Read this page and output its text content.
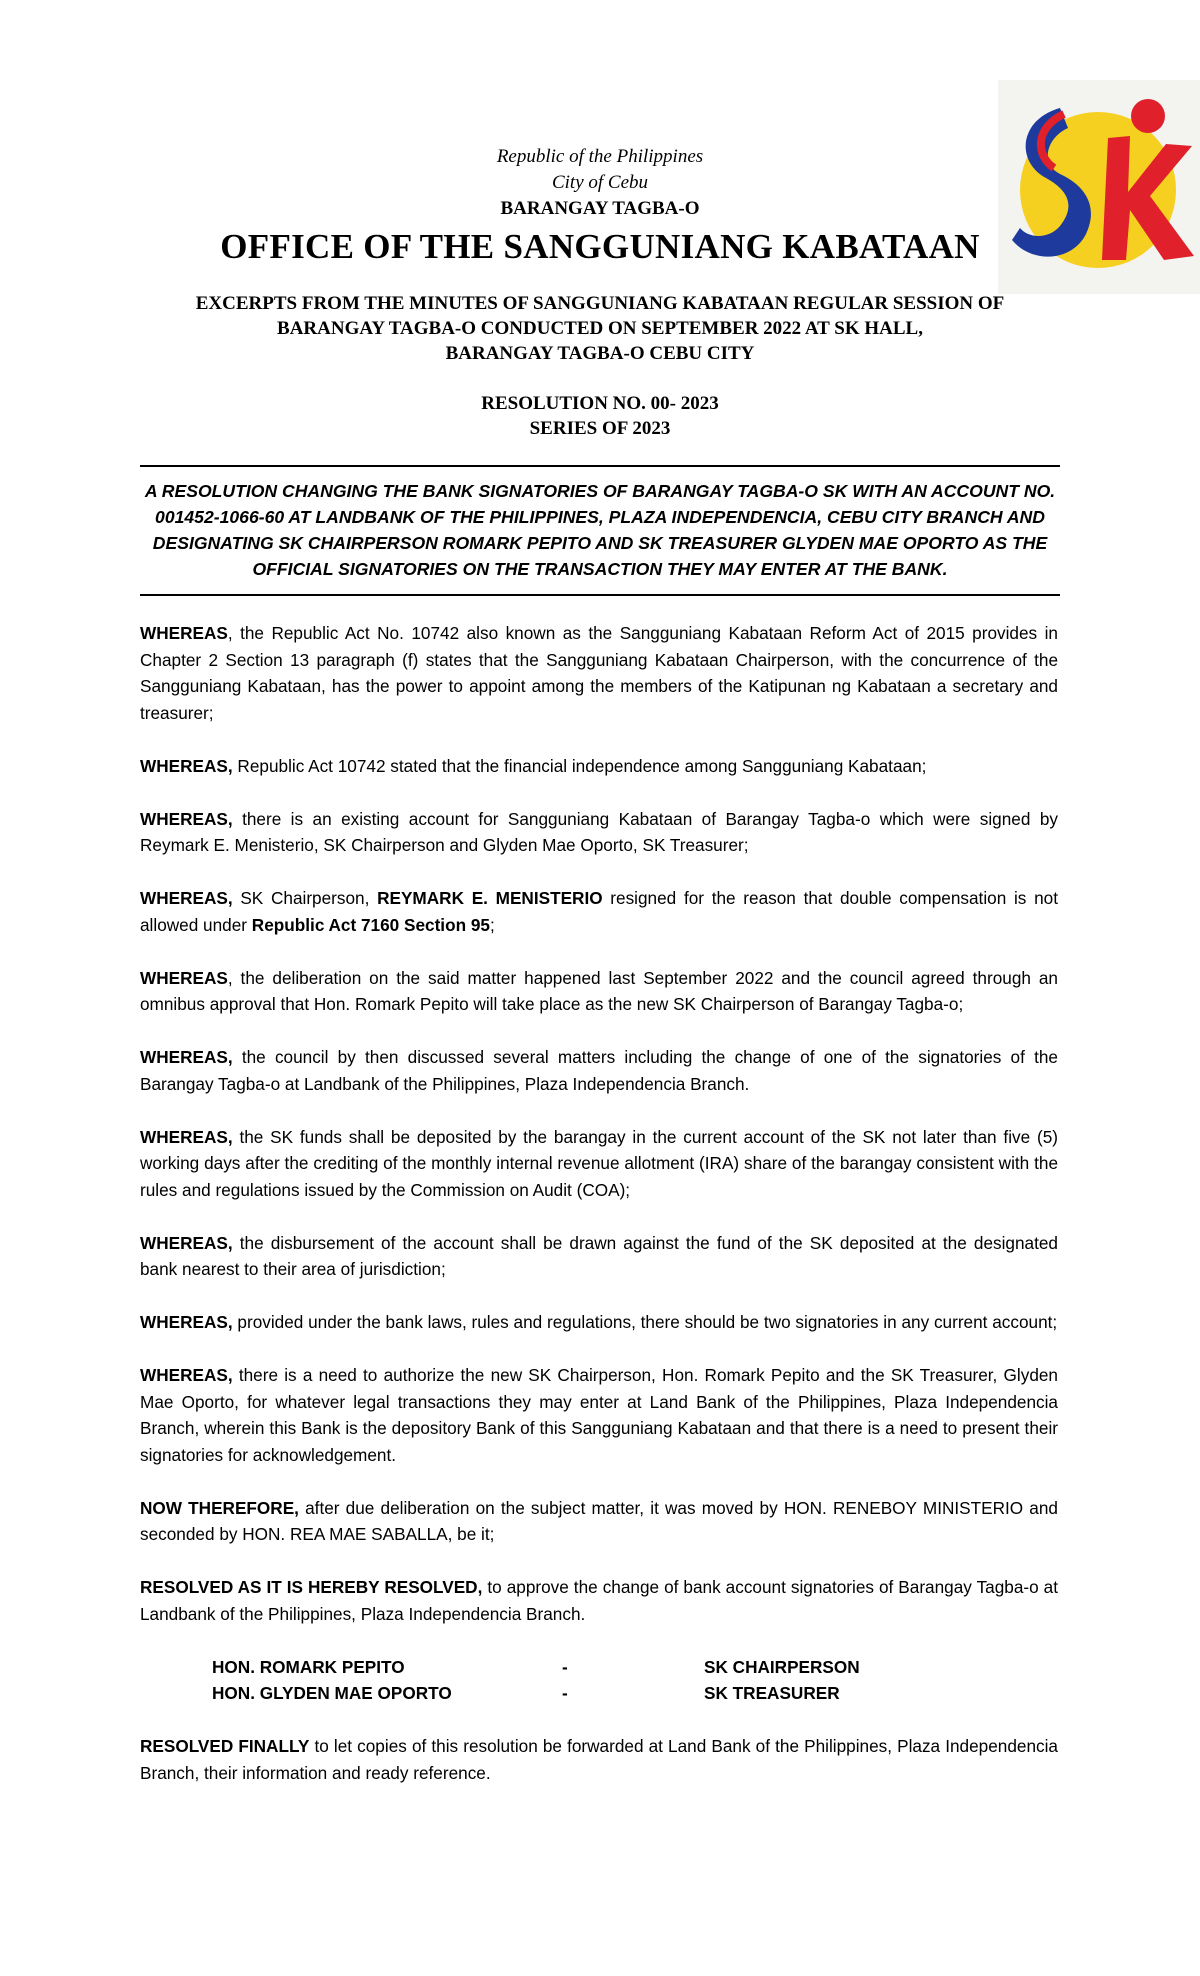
Republic of the Philippines
City of Cebu
BARANGAY TAGBA-O
OFFICE OF THE SANGGUNIANG KABATAAN
EXCERPTS FROM THE MINUTES OF SANGGUNIANG KABATAAN REGULAR SESSION OF
BARANGAY TAGBA-O CONDUCTED ON SEPTEMBER 2022 AT SK HALL,
BARANGAY TAGBA-O CEBU CITY
RESOLUTION NO. 00- 2023
SERIES OF 2023
A RESOLUTION CHANGING THE BANK SIGNATORIES OF BARANGAY TAGBA-O SK WITH AN ACCOUNT NO. 001452-1066-60 AT LANDBANK OF THE PHILIPPINES, PLAZA INDEPENDENCIA, CEBU CITY BRANCH AND DESIGNATING SK CHAIRPERSON ROMARK PEPITO AND SK TREASURER GLYDEN MAE OPORTO AS THE OFFICIAL SIGNATORIES ON THE TRANSACTION THEY MAY ENTER AT THE BANK.

WHEREAS, the Republic Act No. 10742 also known as the Sangguniang Kabataan Reform Act of 2015 provides in Chapter 2 Section 13 paragraph (f) states that the Sangguniang Kabataan Chairperson, with the concurrence of the Sangguniang Kabataan, has the power to appoint among the members of the Katipunan ng Kabataan a secretary and treasurer;

WHEREAS, Republic Act 10742 stated that the financial independence among Sangguniang Kabataan;

WHEREAS, there is an existing account for Sangguniang Kabataan of Barangay Tagba-o which were signed by Reymark E. Menisterio, SK Chairperson and Glyden Mae Oporto, SK Treasurer;

WHEREAS, SK Chairperson, REYMARK E. MENISTERIO resigned for the reason that double compensation is not allowed under Republic Act 7160 Section 95;

WHEREAS, the deliberation on the said matter happened last September 2022 and the council agreed through an omnibus approval that Hon. Romark Pepito will take place as the new SK Chairperson of Barangay Tagba-o;

WHEREAS, the council by then discussed several matters including the change of one of the signatories of the Barangay Tagba-o at Landbank of the Philippines, Plaza Independencia Branch.

WHEREAS, the SK funds shall be deposited by the barangay in the current account of the SK not later than five (5) working days after the crediting of the monthly internal revenue allotment (IRA) share of the barangay consistent with the rules and regulations issued by the Commission on Audit (COA);

WHEREAS, the disbursement of the account shall be drawn against the fund of the SK deposited at the designated bank nearest to their area of jurisdiction;

WHEREAS, provided under the bank laws, rules and regulations, there should be two signatories in any current account;

WHEREAS, there is a need to authorize the new SK Chairperson, Hon. Romark Pepito and the SK Treasurer, Glyden Mae Oporto, for whatever legal transactions they may enter at Land Bank of the Philippines, Plaza Independencia Branch, wherein this Bank is the depository Bank of this Sangguniang Kabataan and that there is a need to present their signatories for acknowledgement.

NOW THEREFORE, after due deliberation on the subject matter, it was moved by HON. RENEBOY MINISTERIO and seconded by HON. REA MAE SABALLA, be it;

RESOLVED AS IT IS HEREBY RESOLVED, to approve the change of bank account signatories of Barangay Tagba-o at Landbank of the Philippines, Plaza Independencia Branch.

HON. ROMARK PEPITO	-	SK CHAIRPERSON
HON. GLYDEN MAE OPORTO	-	SK TREASURER

RESOLVED FINALLY to let copies of this resolution be forwarded at Land Bank of the Philippines, Plaza Independencia Branch, their information and ready reference.
